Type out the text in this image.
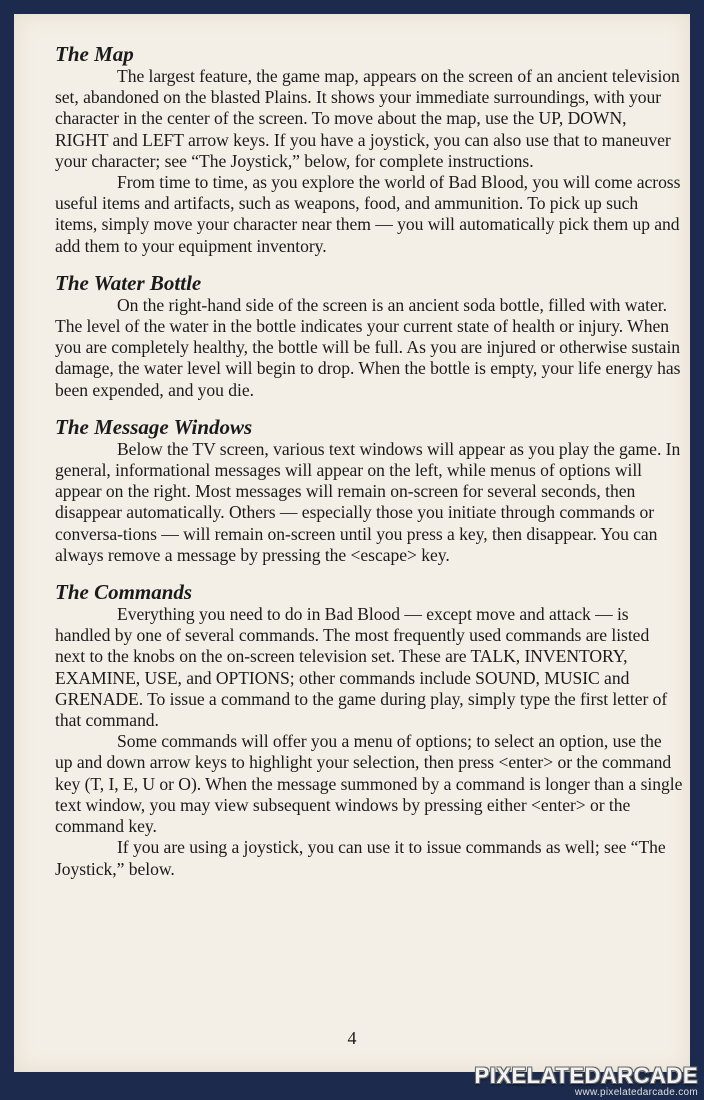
The Map

The largest feature, the game map, appears on the screen of an ancient television set, abandoned on the blasted Plains. It shows your immediate surroundings, with your character in the center of the screen. To move about the map, use the UP, DOWN, RIGHT and LEFT arrow keys. If you have a joystick, you can also use that to maneuver your character; see “The Joystick,” below, for complete instructions.

From time to time, as you explore the world of Bad Blood, you will come across useful items and artifacts, such as weapons, food, and ammunition. To pick up such items, simply move your character near them — you will automatically pick them up and add them to your equipment inventory.

The Water Bottle

On the right-hand side of the screen is an ancient soda bottle, filled with water. The level of the water in the bottle indicates your current state of health or injury. When you are completely healthy, the bottle will be full. As you are injured or otherwise sustain damage, the water level will begin to drop. When the bottle is empty, your life energy has been expended, and you die.

The Message Windows

Below the TV screen, various text windows will appear as you play the game. In general, informational messages will appear on the left, while menus of options will appear on the right. Most messages will remain on-screen for several seconds, then disappear automatically. Others — especially those you initiate through commands or conversa-tions — will remain on-screen until you press a key, then disappear. You can always remove a message by pressing the <escape> key.

The Commands

Everything you need to do in Bad Blood — except move and attack — is handled by one of several commands. The most frequently used commands are listed next to the knobs on the on-screen television set. These are TALK, INVENTORY, EXAMINE, USE, and OPTIONS; other commands include SOUND, MUSIC and GRENADE. To issue a command to the game during play, simply type the first letter of that command.

Some commands will offer you a menu of options; to select an option, use the up and down arrow keys to highlight your selection, then press <enter> or the command key (T, I, E, U or O). When the message summoned by a command is longer than a single text window, you may view subsequent windows by pressing either <enter> or the command key.

If you are using a joystick, you can use it to issue commands as well; see “The Joystick,” below.

4
PIXELATEDARCADE
www.pixelatedarcade.com
